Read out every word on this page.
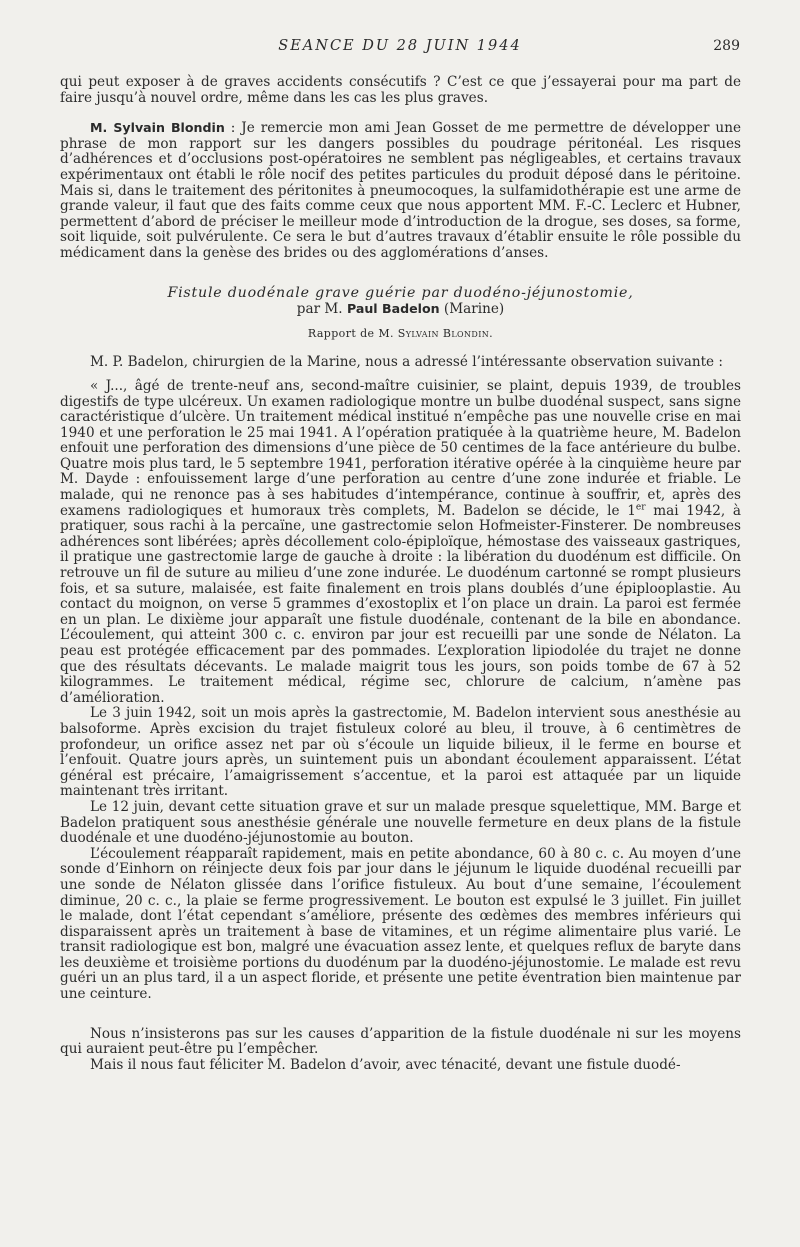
SEANCE DU 28 JUIN 1944	289

qui peut exposer à de graves accidents consécutifs ? C’est ce que j’essayerai pour ma part de faire jusqu’à nouvel ordre, même dans les cas les plus graves.

M. Sylvain Blondin : Je remercie mon ami Jean Gosset de me permettre de développer une phrase de mon rapport sur les dangers possibles du poudrage péritonéal. Les risques d’adhérences et d’occlusions post-opératoires ne semblent pas négligeables, et certains travaux expérimentaux ont établi le rôle nocif des petites particules du produit déposé dans le péritoine. Mais si, dans le traitement des péritonites à pneumocoques, la sulfamidothérapie est une arme de grande valeur, il faut que des faits comme ceux que nous apportent MM. F.-C. Leclerc et Hubner, permettent d’abord de préciser le meilleur mode d’introduction de la drogue, ses doses, sa forme, soit liquide, soit pulvérulente. Ce sera le but d’autres travaux d’établir ensuite le rôle possible du médicament dans la genèse des brides ou des agglomérations d’anses.

Fistule duodénale grave guérie par duodéno-jéjunostomie,

par M. Paul Badelon (Marine)

Rapport de M. Sylvain Blondin.

M. P. Badelon, chirurgien de la Marine, nous a adressé l’intéressante observation suivante :

« J..., âgé de trente-neuf ans, second-maître cuisinier, se plaint, depuis 1939, de troubles digestifs de type ulcéreux. Un examen radiologique montre un bulbe duodénal suspect, sans signe caractéristique d’ulcère. Un traitement médical institué n’empêche pas une nouvelle crise en mai 1940 et une perforation le 25 mai 1941. A l’opération pratiquée à la quatrième heure, M. Badelon enfouit une perforation des dimensions d’une pièce de 50 centimes de la face antérieure du bulbe. Quatre mois plus tard, le 5 septembre 1941, perforation itérative opérée à la cinquième heure par M. Dayde : enfouissement large d’une perforation au centre d’une zone indurée et friable. Le malade, qui ne renonce pas à ses habitudes d’intempérance, continue à souffrir, et, après des examens radiologiques et humoraux très complets, M. Badelon se décide, le 1er mai 1942, à pratiquer, sous rachi à la percaïne, une gastrectomie selon Hofmeister-Finsterer. De nombreuses adhérences sont libérées; après décollement colo-épiploïque, hémostase des vaisseaux gastriques, il pratique une gastrectomie large de gauche à droite : la libération du duodénum est difficile. On retrouve un fil de suture au milieu d’une zone indurée. Le duodénum cartonné se rompt plusieurs fois, et sa suture, malaisée, est faite finalement en trois plans doublés d’une épiplooplastie. Au contact du moignon, on verse 5 grammes d’exostoplix et l’on place un drain. La paroi est fermée en un plan. Le dixième jour apparaît une fistule duodénale, contenant de la bile en abondance. L’écoulement, qui atteint 300 c. c. environ par jour est recueilli par une sonde de Nélaton. La peau est protégée efficacement par des pommades. L’exploration lipiodolée du trajet ne donne que des résultats décevants. Le malade maigrit tous les jours, son poids tombe de 67 à 52 kilogrammes. Le traitement médical, régime sec, chlorure de calcium, n’amène pas d’amélioration.

Le 3 juin 1942, soit un mois après la gastrectomie, M. Badelon intervient sous anesthésie au balsoforme. Après excision du trajet fistuleux coloré au bleu, il trouve, à 6 centimètres de profondeur, un orifice assez net par où s’écoule un liquide bilieux, il le ferme en bourse et l’enfouit. Quatre jours après, un suintement puis un abondant écoulement apparaissent. L’état général est précaire, l’amaigrissement s’accentue, et la paroi est attaquée par un liquide maintenant très irritant.

Le 12 juin, devant cette situation grave et sur un malade presque squelettique, MM. Barge et Badelon pratiquent sous anesthésie générale une nouvelle fermeture en deux plans de la fistule duodénale et une duodéno-jéjunostomie au bouton.

L’écoulement réapparaît rapidement, mais en petite abondance, 60 à 80 c. c. Au moyen d’une sonde d’Einhorn on réinjecte deux fois par jour dans le jéjunum le liquide duodénal recueilli par une sonde de Nélaton glissée dans l’orifice fistuleux. Au bout d’une semaine, l’écoulement diminue, 20 c. c., la plaie se ferme progressivement. Le bouton est expulsé le 3 juillet. Fin juillet le malade, dont l’état cependant s’améliore, présente des œdèmes des membres inférieurs qui disparaissent après un traitement à base de vitamines, et un régime alimentaire plus varié. Le transit radiologique est bon, malgré une évacuation assez lente, et quelques reflux de baryte dans les deuxième et troisième portions du duodénum par la duodéno-jéjunostomie. Le malade est revu guéri un an plus tard, il a un aspect floride, et présente une petite éventration bien maintenue par une ceinture.

Nous n’insisterons pas sur les causes d’apparition de la fistule duodénale ni sur les moyens qui auraient peut-être pu l’empêcher.

Mais il nous faut féliciter M. Badelon d’avoir, avec ténacité, devant une fistule duodé-
